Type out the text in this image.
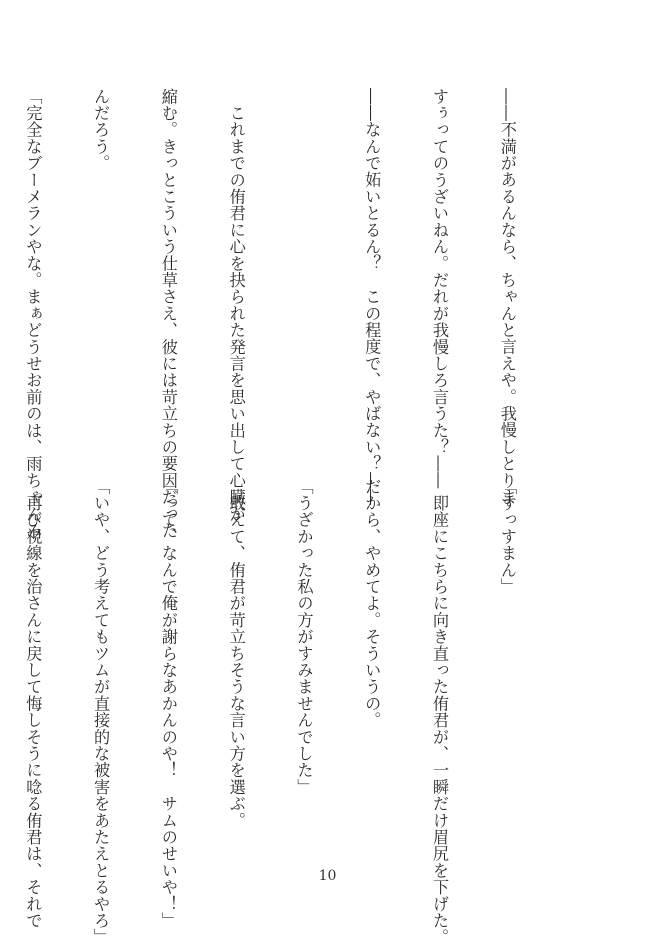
――不満があるんなら、ちゃんと言えや。我慢しとりま

すぅってのうざいねん。だれが我慢しろ言うた？――

――なんで妬いとるん？　この程度で、やばない？――

　これまでの侑君に心を抉られた発言を思い出して心臓が

縮む。きっとこういう仕草さえ、彼には苛立ちの要因だった

んだろう。

「完全なブーメランやな。まぁどうせお前のは、雨ちゃんみ

	「すっすまん」

　即座にこちらに向き直った侑君が、一瞬だけ眉尻を下げた。

だから、やめてよ。そういうの。

「うざかった私の方がすみませんでした」

　敢えて、侑君が苛立ちそうな言い方を選ぶ。

「って、なんで俺が謝らなあかんのや！　サムのせいや！」

「いや、どう考えてもツムが直接的な被害をあたえとるやろ」

　再び視線を治さんに戻して悔しそうに唸る侑君は、それで

	10
